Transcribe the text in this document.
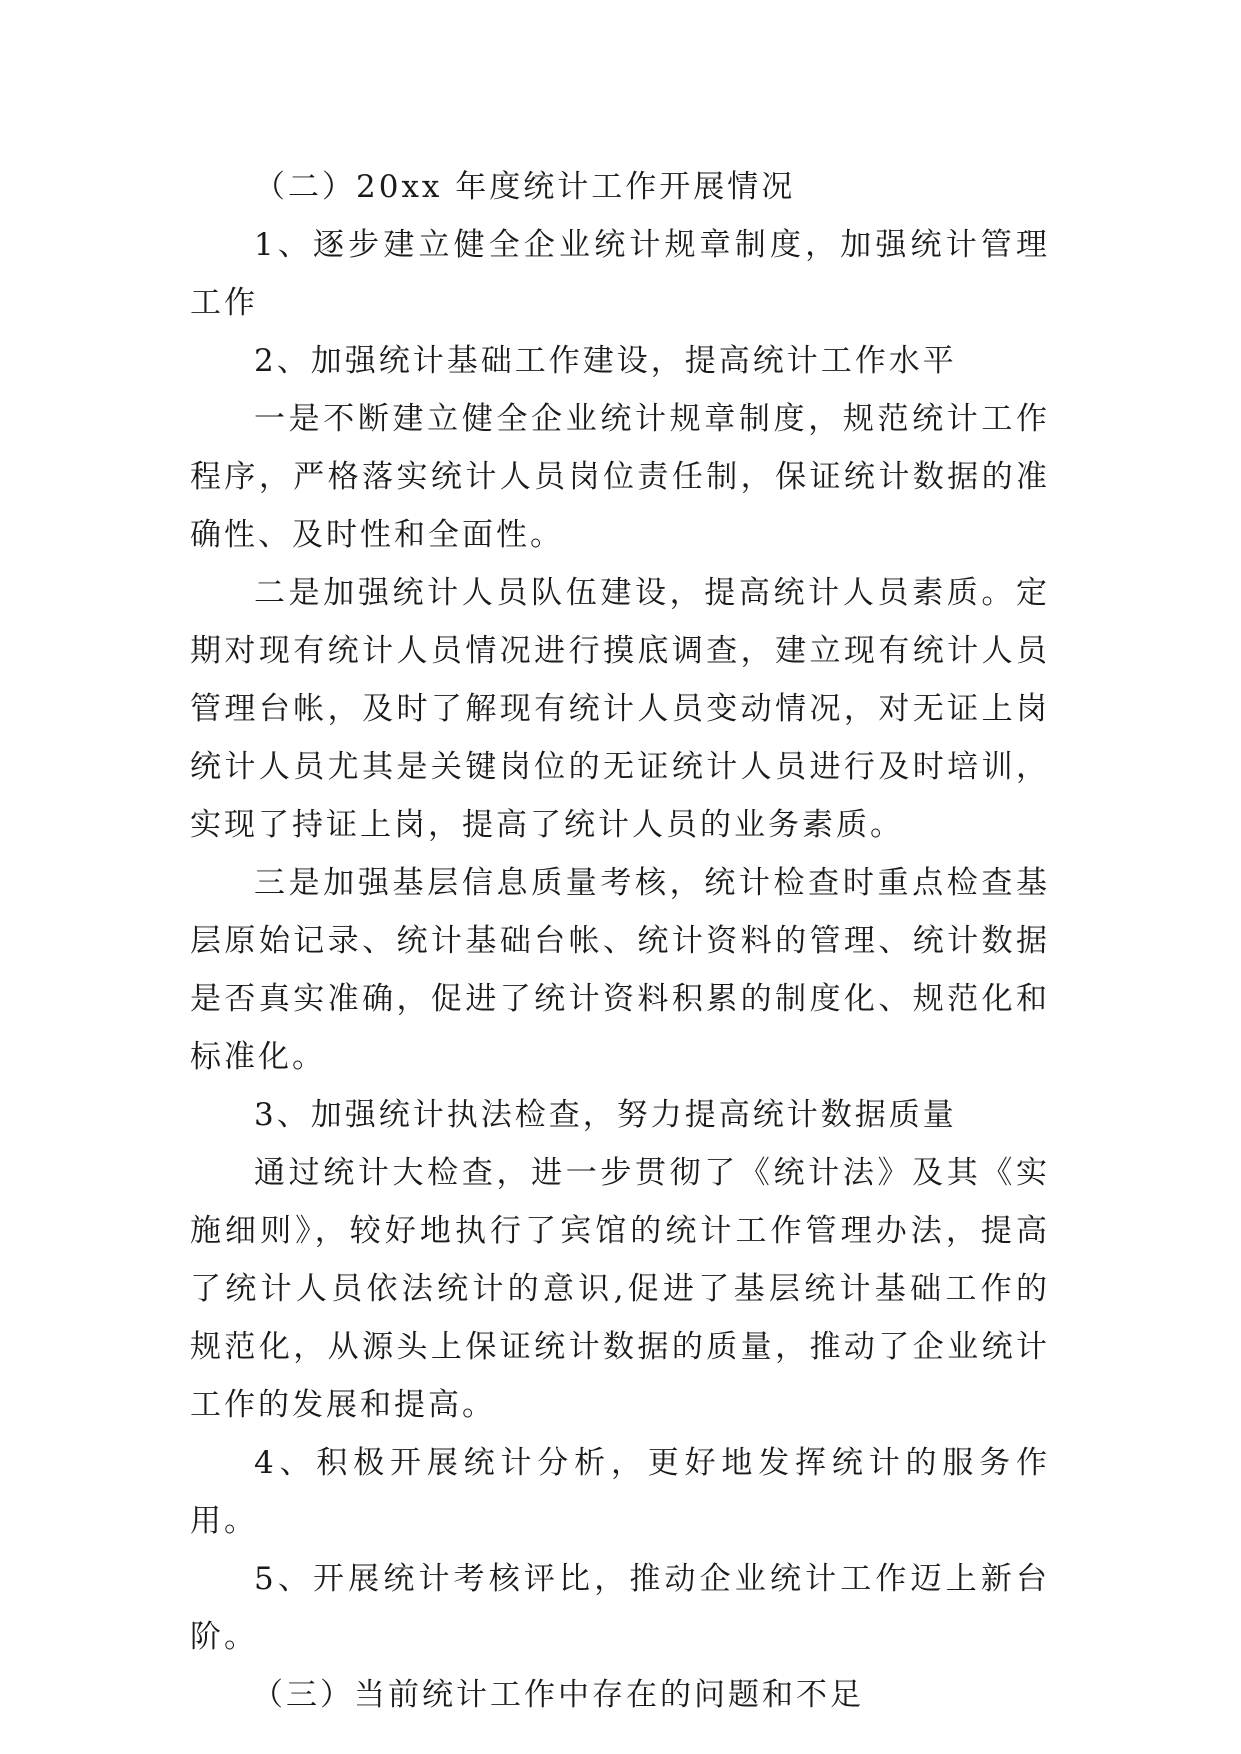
（二）20xx 年度统计工作开展情况

1、逐步建立健全企业统计规章制度，加强统计管理工作

2、加强统计基础工作建设，提高统计工作水平

一是不断建立健全企业统计规章制度，规范统计工作程序，严格落实统计人员岗位责任制，保证统计数据的准确性、及时性和全面性。

二是加强统计人员队伍建设，提高统计人员素质。定期对现有统计人员情况进行摸底调查，建立现有统计人员管理台帐，及时了解现有统计人员变动情况，对无证上岗统计人员尤其是关键岗位的无证统计人员进行及时培训，实现了持证上岗，提高了统计人员的业务素质。

三是加强基层信息质量考核，统计检查时重点检查基层原始记录、统计基础台帐、统计资料的管理、统计数据是否真实准确，促进了统计资料积累的制度化、规范化和标准化。

3、加强统计执法检查，努力提高统计数据质量

通过统计大检查，进一步贯彻了《统计法》及其《实施细则》，较好地执行了宾馆的统计工作管理办法，提高了统计人员依法统计的意识,促进了基层统计基础工作的规范化，从源头上保证统计数据的质量，推动了企业统计工作的发展和提高。

4、积极开展统计分析，更好地发挥统计的服务作用。

5、开展统计考核评比，推动企业统计工作迈上新台阶。

（三）当前统计工作中存在的问题和不足
